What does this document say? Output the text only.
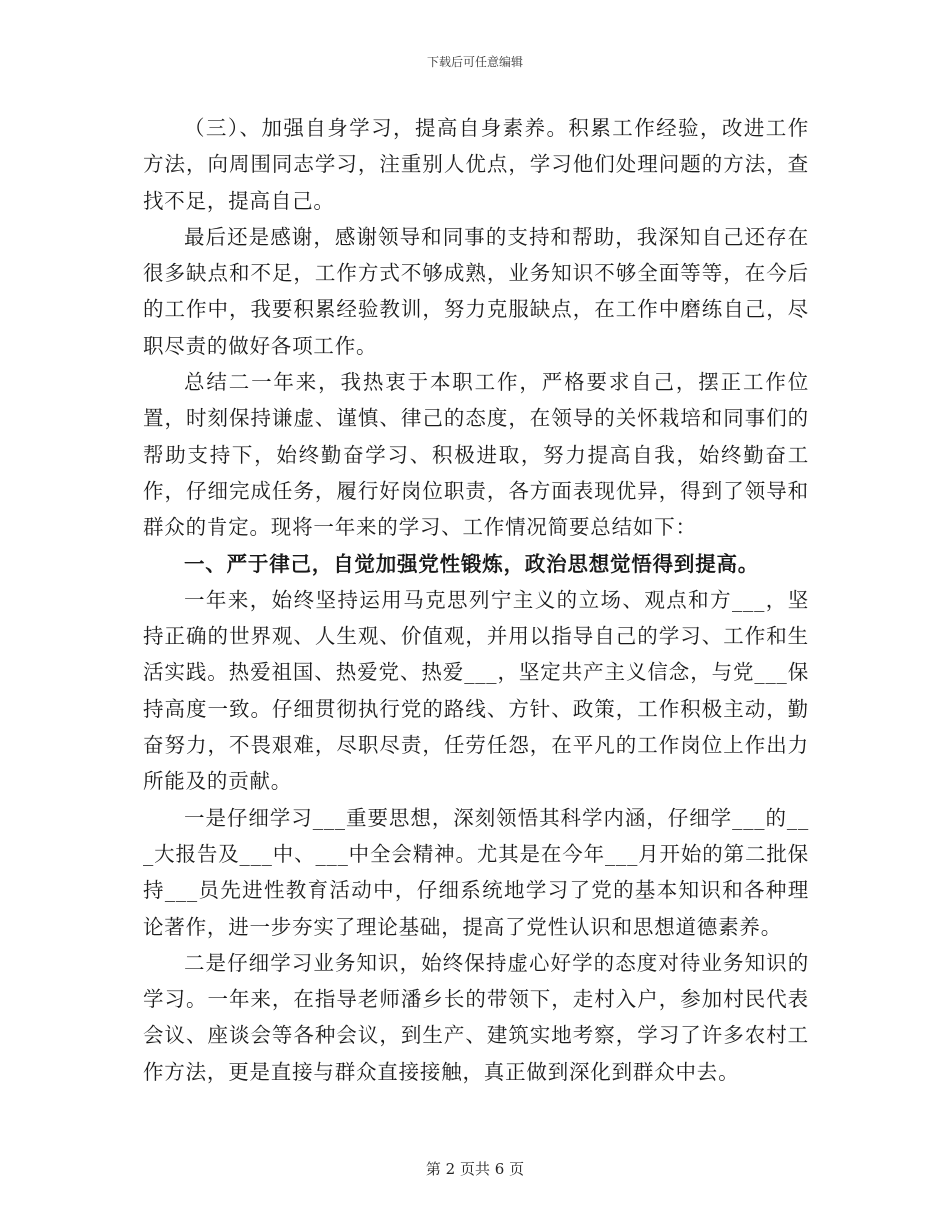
下载后可任意编辑

（三）、加强自身学习，提高自身素养。积累工作经验，改进工作方法，向周围同志学习，注重别人优点，学习他们处理问题的方法，查找不足，提高自己。

最后还是感谢，感谢领导和同事的支持和帮助，我深知自己还存在很多缺点和不足，工作方式不够成熟，业务知识不够全面等等，在今后的工作中，我要积累经验教训，努力克服缺点，在工作中磨练自己，尽职尽责的做好各项工作。

总结二一年来，我热衷于本职工作，严格要求自己，摆正工作位置，时刻保持谦虚、谨慎、律己的态度，在领导的关怀栽培和同事们的帮助支持下，始终勤奋学习、积极进取，努力提高自我，始终勤奋工作，仔细完成任务，履行好岗位职责，各方面表现优异，得到了领导和群众的肯定。现将一年来的学习、工作情况简要总结如下：

一、严于律己，自觉加强党性锻炼，政治思想觉悟得到提高。

一年来，始终坚持运用马克思列宁主义的立场、观点和方___，坚持正确的世界观、人生观、价值观，并用以指导自己的学习、工作和生活实践。热爱祖国、热爱党、热爱___，坚定共产主义信念，与党___保持高度一致。仔细贯彻执行党的路线、方针、政策，工作积极主动，勤奋努力，不畏艰难，尽职尽责，任劳任怨，在平凡的工作岗位上作出力所能及的贡献。

一是仔细学习___重要思想，深刻领悟其科学内涵，仔细学___的___大报告及___中、___中全会精神。尤其是在今年___月开始的第二批保持___员先进性教育活动中，仔细系统地学习了党的基本知识和各种理论著作，进一步夯实了理论基础，提高了党性认识和思想道德素养。

二是仔细学习业务知识，始终保持虚心好学的态度对待业务知识的学习。一年来，在指导老师潘乡长的带领下，走村入户，参加村民代表会议、座谈会等各种会议，到生产、建筑实地考察，学习了许多农村工作方法，更是直接与群众直接接触，真正做到深化到群众中去。

第 2 页共 6 页
